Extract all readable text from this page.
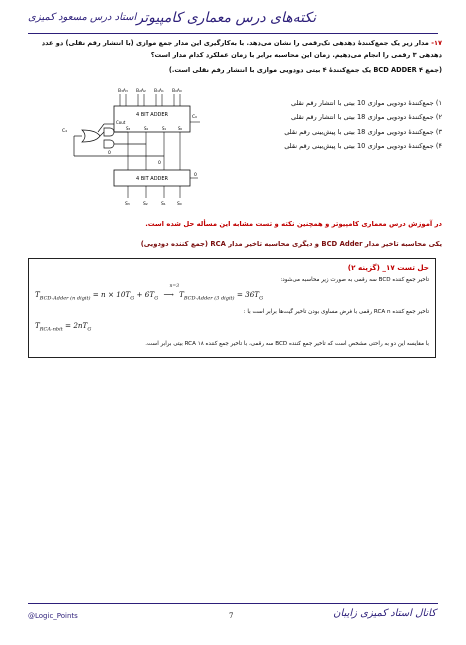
نکته‌های درس معماری کامپیوتر
استاد درس مسعود کمیزی
۱۷- مدار زیر یک جمع‌کنندهٔ دهدهی تک‌رقمی را نشان می‌دهد. با به‌کارگیری این مدار جمع موازی (با انتشار رقم نقلی) دو عدد دهدهی ۳ رقمی را انجام می‌دهیم. زمان این محاسبه برابر با زمان عملکرد کدام مدار است؟
(جمع BCD ADDER ۴ یک جمع‌کنندهٔ ۴ بیتی دودویی موازی با انتشار رقم نقلی است.)
B₃A₃ B₂A₂ B₁A₁ B₀A₀
4 BIT ADDER
Cout
S₃	S₂	S₁	S₀
C₀
C₄
0
0
0
4 BIT ADDER
S₃	S₂	S₁	S₀
۱) جمع‌کنندهٔ دودویی موازی 10 بیتی با انتشار رقم نقلی
۲) جمع‌کنندهٔ دودویی موازی 18 بیتی با انتشار رقم نقلی
۳) جمع‌کنندهٔ دودویی موازی 18 بیتی با پیش‌بینی رقم نقلی
۴) جمع‌کنندهٔ دودویی موازی 10 بیتی با پیش‌بینی رقم نقلی
در آموزش درس معماری کامپیوتر و همچنین نکته و تست مشابه این مسأله حل شده است.
یکی محاسبه تاخیر مدار BCD Adder و دیگری محاسبه تاخیر مدار RCA (جمع کننده دودویی)
حل تست ۱۷_ (گزینه ۲)
تاخیر جمع کننده BCD سه رقمی به صورت زیر محاسبه می‌شود:
$T_{BCD-Adder (n digit)} = n \times 10T_G + 6T_G$
n=3
⟶ $T_{BCD-Adder (3 digit)} = 36T_G$
تاخیر جمع کننده RCA n رقمی با فرض مساوی بودن تاخیر گیت‌ها برابر است با :
$T_{RCA-nbit} = 2nT_G$
با مقایسه این دو به راحتی مشخص است که تاخیر جمع کننده BCD سه رقمی، با تاخیر جمع کننده RCA ۱۸ بیتی برابر است.
@Logic_Points	7	کانال استاد کمیزی زایبان
